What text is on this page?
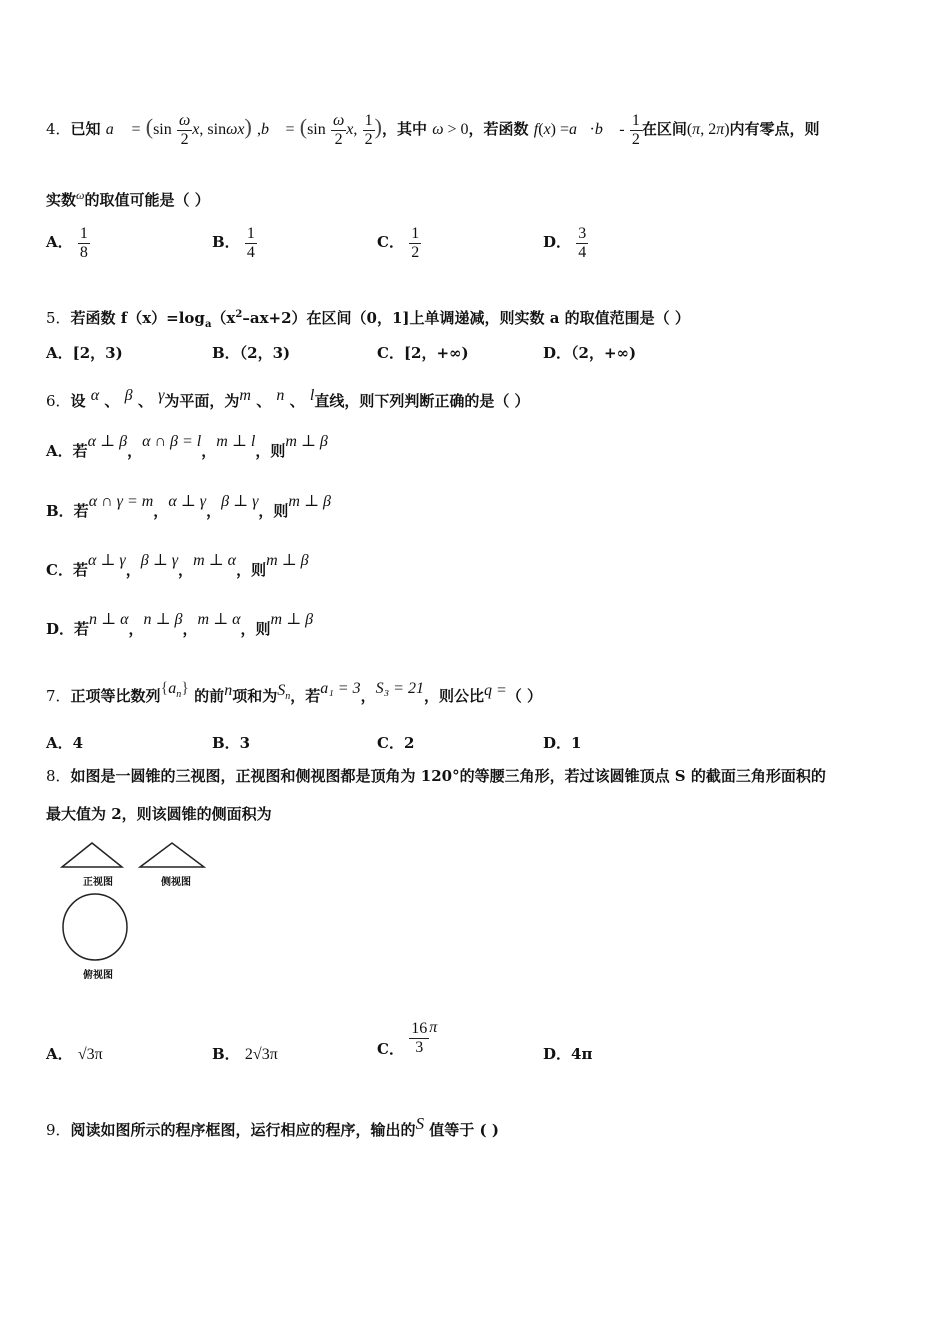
4．已知 a⃗ = ($\sin \frac{\omega}{2} x$, sinωx) ,b⃗ = ($\sin \frac{\omega}{2} x$, $\frac{1}{2}$ )，其中 ω > 0，若函数 f(x) =a⃗·b⃗ - $\frac{1}{2}$ 在区间(π, 2π)内有零点，则
实数$^\omega$的取值可能是（ ）
A． $\frac{1}{8}$	B． $\frac{1}{4}$	C． $\frac{1}{2}$	D． $\frac{3}{4}$
5．若函数 $f(x)=\log_a(x^2-ax+2)$在区间（0，1]上单调递减，则实数 a 的取值范围是（ ）
A．[2，3)	B．（2，3)	C．[2，+∞)	D．（2，+∞)
6．设 $^\alpha$ 、 $^\beta$ 、 $^\gamma$为平面，为$^m$ 、 $^n$ 、 $^l$直线，则下列判断正确的是（ ）
A．若α ⊥ β，α ∩ β = l，m ⊥ l，则m ⊥ β
B．若α ∩ γ = m，α ⊥ γ，β ⊥ γ，则m ⊥ β
C．若α ⊥ γ，β ⊥ γ，m ⊥ α，则m ⊥ β
D．若n ⊥ α，n ⊥ β，m ⊥ α，则m ⊥ β
7．正项等比数列$\{a_n\}$ 的前$^n$项和为$^{S_n}$，若a₁ = 3，S₃ = 21，则公比$^{q =}$（ ）
A．4	B．3	C．2	D．1
8．如图是一圆锥的三视图，正视图和侧视图都是顶角为 120°的等腰三角形，若过该圆锥顶点 S 的截面三角形面积的
最大值为 2，则该圆锥的侧面积为
正视图	侧视图
俯视图
A． √3π	B． 2√3π	C． $\frac{16}{3}$ π
D．4π
9．阅读如图所示的程序框图，运行相应的程序，输出的$^S$ 值等于 ( )
